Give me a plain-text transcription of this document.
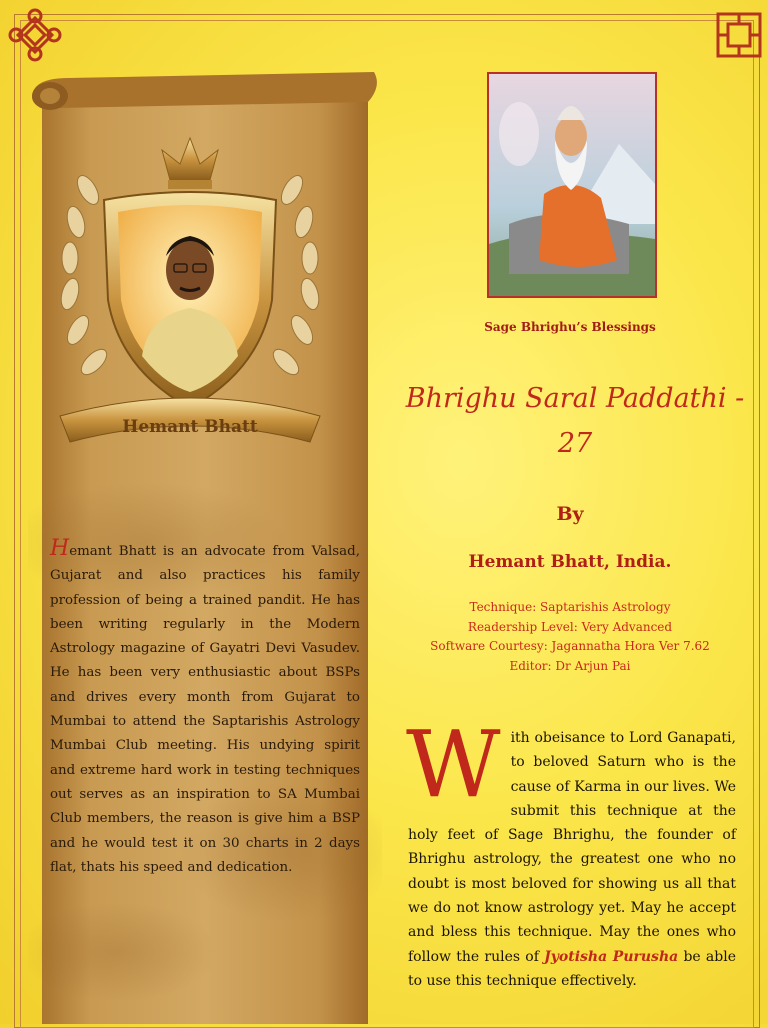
Hemant Bhatt

Hemant Bhatt is an advocate from Valsad, Gujarat and also practices his family profession of being a trained pandit. He has been writing regularly in the Modern Astrology magazine of Gayatri Devi Vasudev. He has been very enthusiastic about BSPs and drives every month from Gujarat to Mumbai to attend the Saptarishis Astrology Mumbai Club meeting. His undying spirit and extreme hard work in testing techniques out serves as an inspiration to SA Mumbai Club members, the reason is give him a BSP and he would test it on 30 charts in 2 days flat, thats his speed and dedication.

Sage Bhrighu’s Blessings
Bhrighu Saral Paddathi - 27
By
Hemant Bhatt, India.
Technique: Saptarishis Astrology
Readership Level: Very Advanced
Software Courtesy: Jagannatha Hora Ver 7.62
Editor: Dr Arjun Pai

With obeisance to Lord Ganapati, to beloved Saturn who is the cause of Karma in our lives. We submit this technique at the holy feet of Sage Bhrighu, the founder of Bhrighu astrology, the greatest one who no doubt is most beloved for showing us all that we do not know astrology yet. May he accept and bless this technique. May the ones who follow the rules of Jyotisha Purusha be able to use this technique effectively.
